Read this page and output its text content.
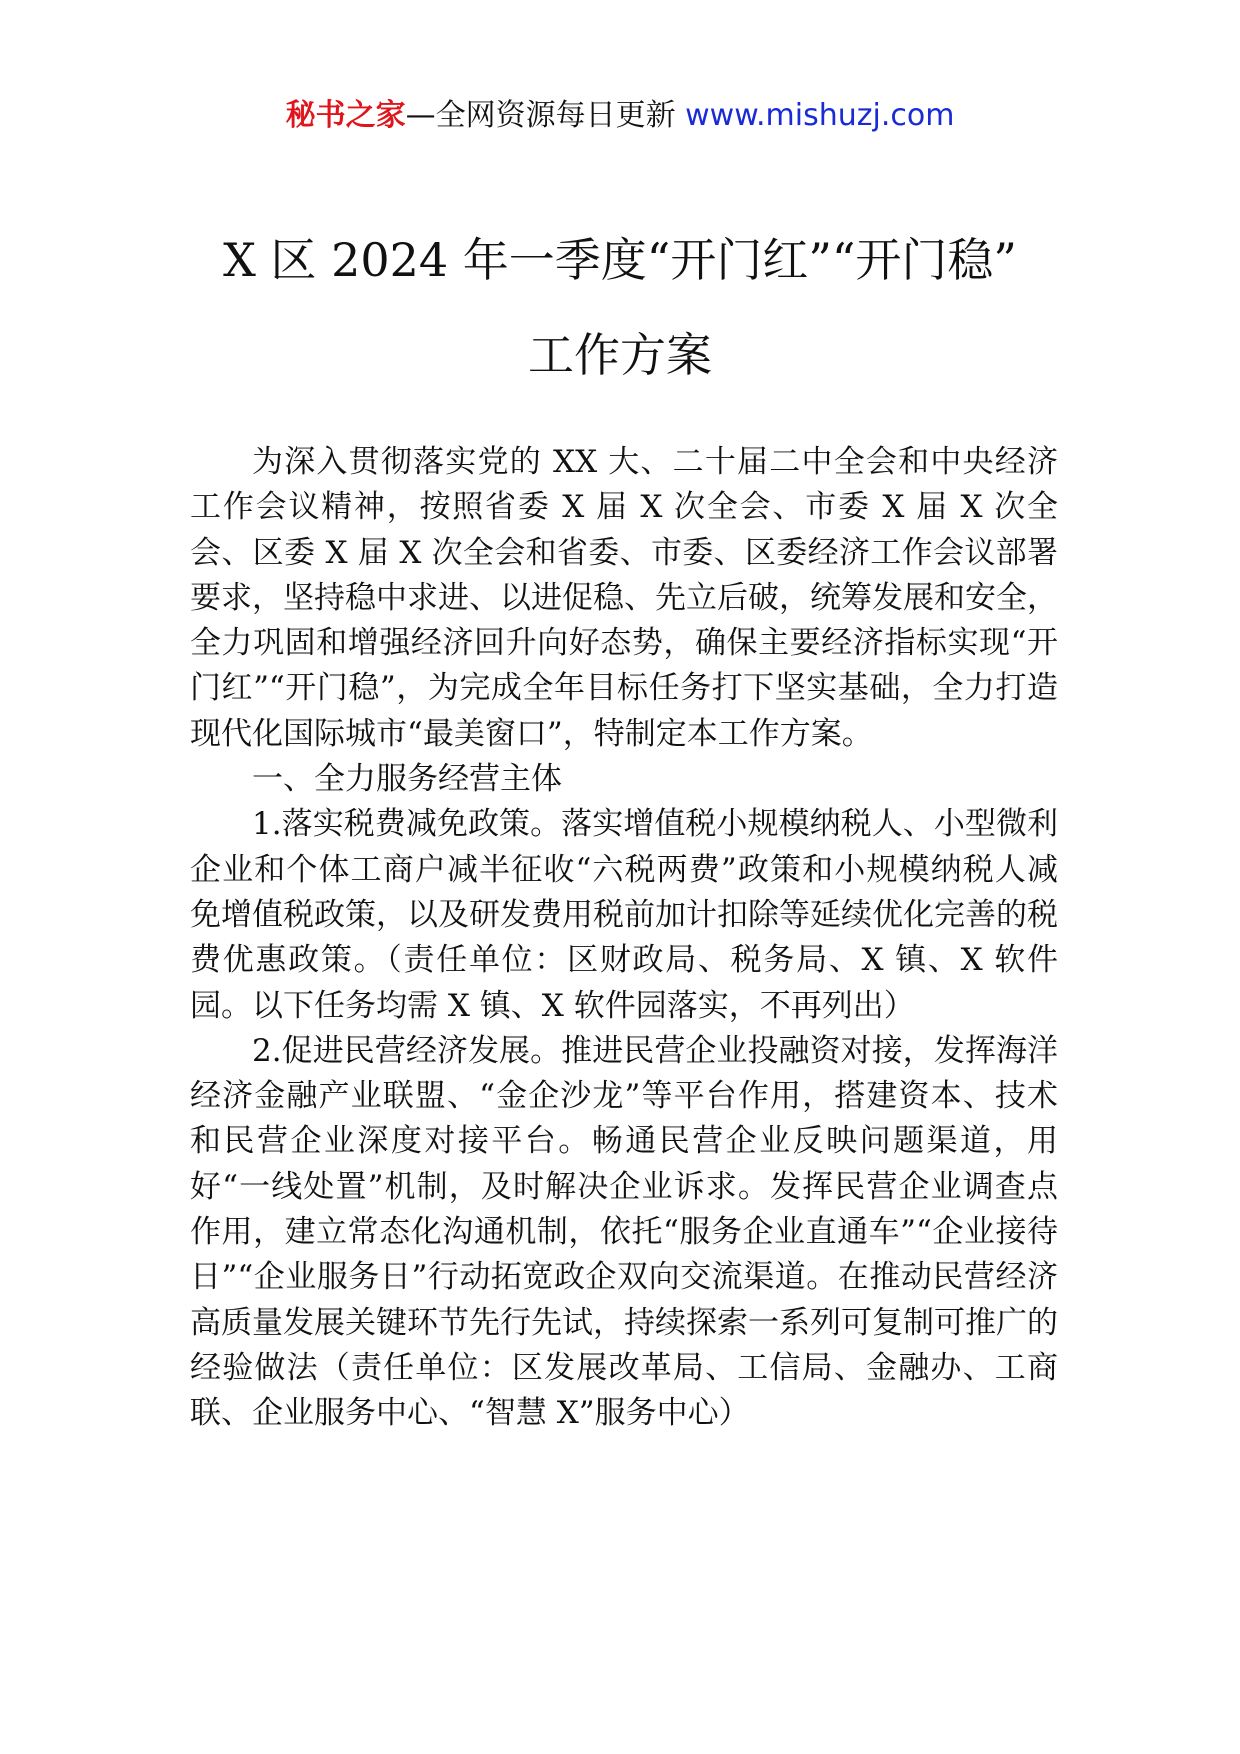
秘书之家—全网资源每日更新 www.mishuzj.com
X 区 2024 年一季度“开门红”“开门稳”
工作方案

为深入贯彻落实党的 XX 大、二十届二中全会和中央经济工作会议精神，按照省委 X 届 X 次全会、市委 X 届 X 次全会、区委 X 届 X 次全会和省委、市委、区委经济工作会议部署要求，坚持稳中求进、以进促稳、先立后破，统筹发展和安全，全力巩固和增强经济回升向好态势，确保主要经济指标实现“开门红”“开门稳”，为完成全年目标任务打下坚实基础，全力打造现代化国际城市“最美窗口”，特制定本工作方案。

一、全力服务经营主体

1.落实税费减免政策。落实增值税小规模纳税人、小型微利企业和个体工商户减半征收“六税两费”政策和小规模纳税人减免增值税政策，以及研发费用税前加计扣除等延续优化完善的税费优惠政策。（责任单位：区财政局、税务局、X 镇、X 软件园。以下任务均需 X 镇、X 软件园落实，不再列出）

2.促进民营经济发展。推进民营企业投融资对接，发挥海洋经济金融产业联盟、“金企沙龙”等平台作用，搭建资本、技术和民营企业深度对接平台。畅通民营企业反映问题渠道，用好“一线处置”机制，及时解决企业诉求。发挥民营企业调查点作用，建立常态化沟通机制，依托“服务企业直通车”“企业接待日”“企业服务日”行动拓宽政企双向交流渠道。在推动民营经济高质量发展关键环节先行先试，持续探索一系列可复制可推广的经验做法（责任单位：区发展改革局、工信局、金融办、工商联、企业服务中心、“智慧 X”服务中心）
